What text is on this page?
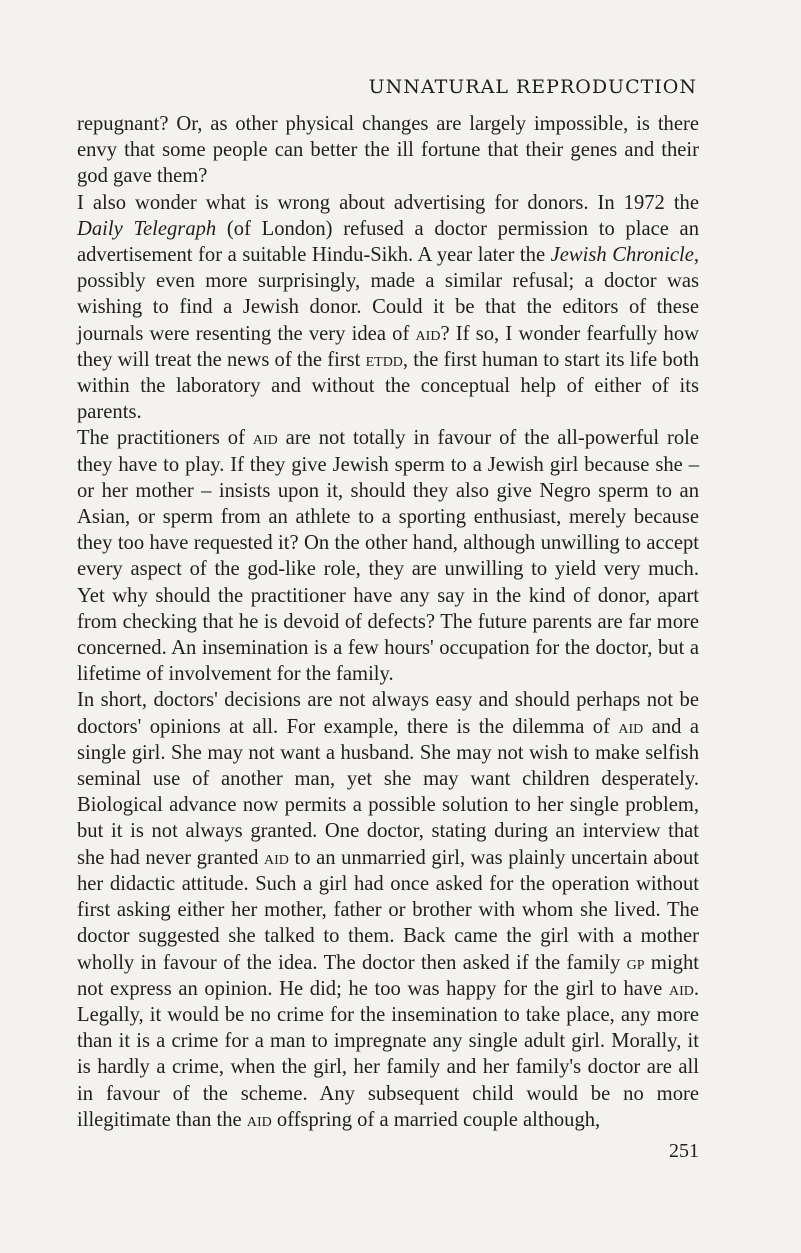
UNNATURAL REPRODUCTION

repugnant? Or, as other physical changes are largely impossible, is there envy that some people can better the ill fortune that their genes and their god gave them?

I also wonder what is wrong about advertising for donors. In 1972 the Daily Telegraph (of London) refused a doctor permission to place an advertisement for a suitable Hindu-Sikh. A year later the Jewish Chronicle, possibly even more surprisingly, made a similar refusal; a doctor was wishing to find a Jewish donor. Could it be that the editors of these journals were resenting the very idea of aid? If so, I wonder fearfully how they will treat the news of the first etdd, the first human to start its life both within the laboratory and without the conceptual help of either of its parents.

The practitioners of aid are not totally in favour of the all-powerful role they have to play. If they give Jewish sperm to a Jewish girl because she – or her mother – insists upon it, should they also give Negro sperm to an Asian, or sperm from an athlete to a sporting enthusiast, merely because they too have requested it? On the other hand, although unwilling to accept every aspect of the god-like role, they are unwilling to yield very much. Yet why should the practitioner have any say in the kind of donor, apart from checking that he is devoid of defects? The future parents are far more concerned. An insemination is a few hours' occupation for the doctor, but a lifetime of involvement for the family.

In short, doctors' decisions are not always easy and should perhaps not be doctors' opinions at all. For example, there is the dilemma of aid and a single girl. She may not want a husband. She may not wish to make selfish seminal use of another man, yet she may want children desperately. Biological advance now permits a possible solution to her single problem, but it is not always granted. One doctor, stating during an interview that she had never granted aid to an unmarried girl, was plainly uncertain about her didactic attitude. Such a girl had once asked for the operation without first asking either her mother, father or brother with whom she lived. The doctor suggested she talked to them. Back came the girl with a mother wholly in favour of the idea. The doctor then asked if the family gp might not express an opinion. He did; he too was happy for the girl to have aid. Legally, it would be no crime for the insemination to take place, any more than it is a crime for a man to impregnate any single adult girl. Morally, it is hardly a crime, when the girl, her family and her family's doctor are all in favour of the scheme. Any subsequent child would be no more illegitimate than the aid offspring of a married couple although,

251
